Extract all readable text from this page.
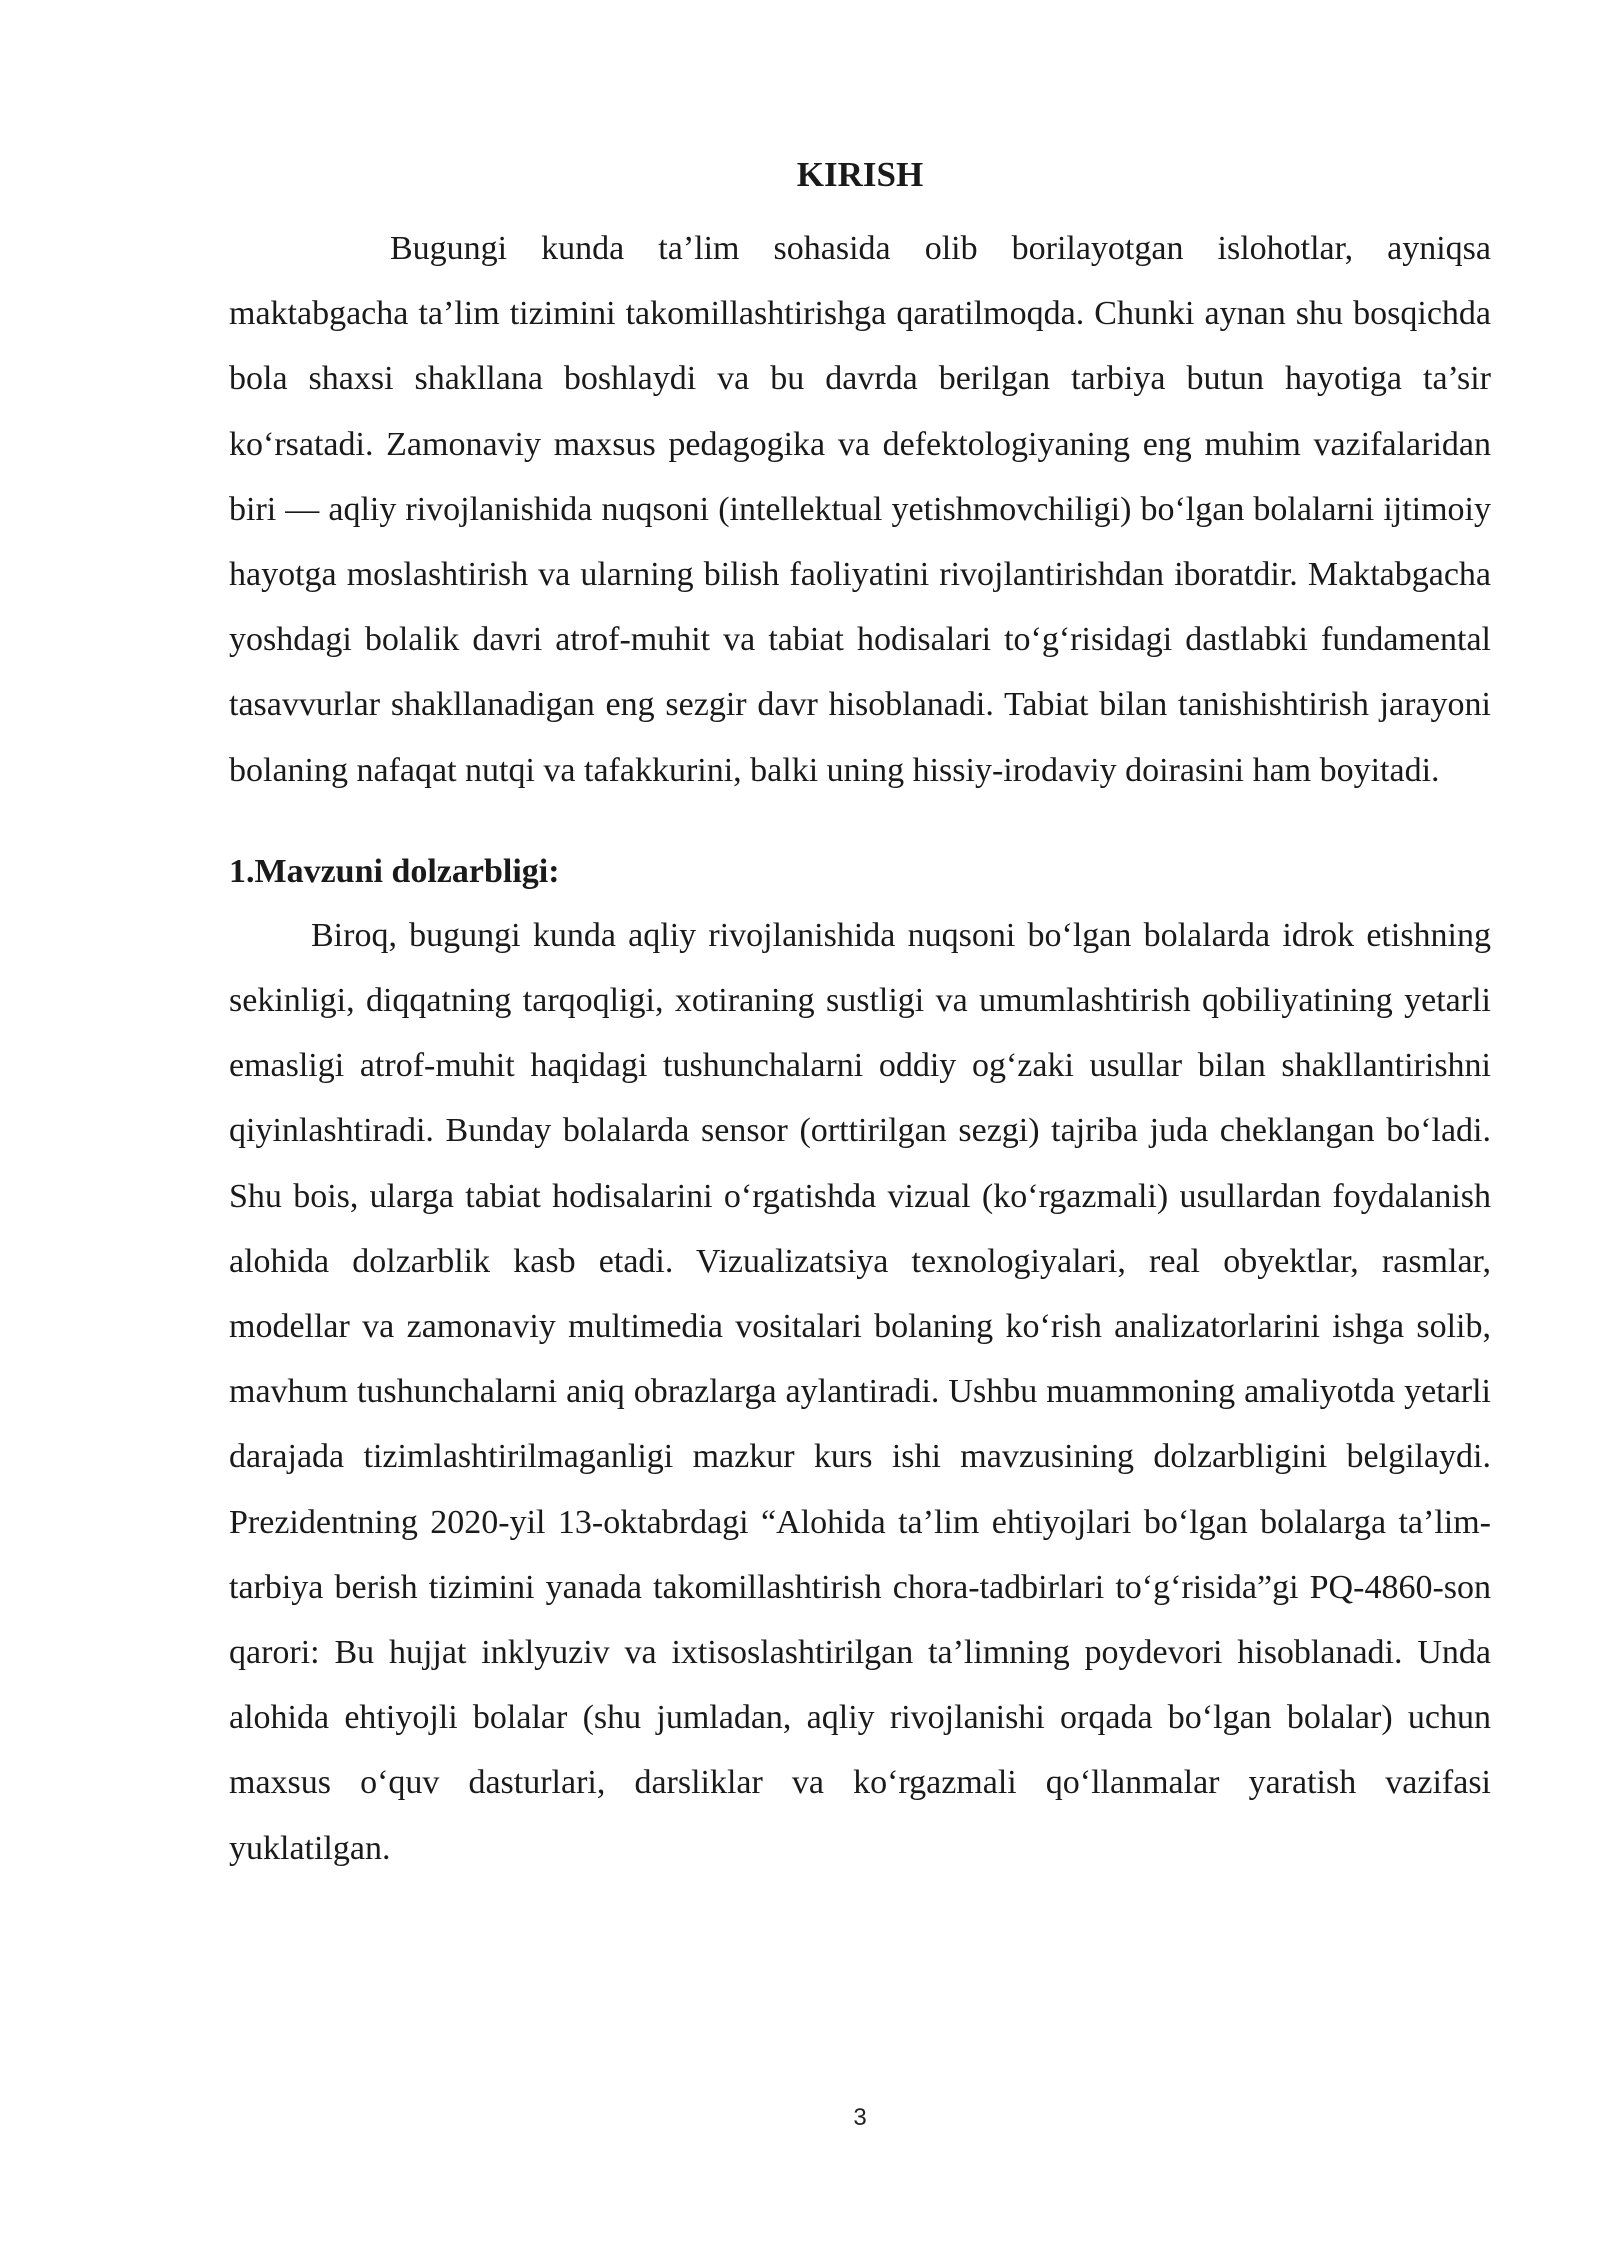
KIRISH

Bugungi kunda ta’lim sohasida olib borilayotgan islohotlar, ayniqsa maktabgacha ta’lim tizimini takomillashtirishga qaratilmoqda. Chunki aynan shu bosqichda bola shaxsi shakllana boshlaydi va bu davrda berilgan tarbiya butun hayotiga ta’sir ko‘rsatadi. Zamonaviy maxsus pedagogika va defektologiyaning eng muhim vazifalaridan biri — aqliy rivojlanishida nuqsoni (intellektual yetishmovchiligi) bo‘lgan bolalarni ijtimoiy hayotga moslashtirish va ularning bilish faoliyatini rivojlantirishdan iboratdir. Maktabgacha yoshdagi bolalik davri atrof-muhit va tabiat hodisalari to‘g‘risidagi dastlabki fundamental tasavvurlar shakllanadigan eng sezgir davr hisoblanadi. Tabiat bilan tanishishtirish jarayoni bolaning nafaqat nutqi va tafakkurini, balki uning hissiy-irodaviy doirasini ham boyitadi.

1.Mavzuni dolzarbligi:

Biroq, bugungi kunda aqliy rivojlanishida nuqsoni bo‘lgan bolalarda idrok etishning sekinligi, diqqatning tarqoqligi, xotiraning sustligi va umumlashtirish qobiliyatining yetarli emasligi atrof-muhit haqidagi tushunchalarni oddiy og‘zaki usullar bilan shakllantirishni qiyinlashtiradi. Bunday bolalarda sensor (orttirilgan sezgi) tajriba juda cheklangan bo‘ladi. Shu bois, ularga tabiat hodisalarini o‘rgatishda vizual (ko‘rgazmali) usullardan foydalanish alohida dolzarblik kasb etadi. Vizualizatsiya texnologiyalari, real obyektlar, rasmlar, modellar va zamonaviy multimedia vositalari bolaning ko‘rish analizatorlarini ishga solib, mavhum tushunchalarni aniq obrazlarga aylantiradi. Ushbu muammoning amaliyotda yetarli darajada tizimlashtirilmaganligi mazkur kurs ishi mavzusining dolzarbligini belgilaydi. Prezidentning 2020-yil 13-oktabrdagi “Alohida ta’lim ehtiyojlari bo‘lgan bolalarga ta’lim-tarbiya berish tizimini yanada takomillashtirish chora-tadbirlari to‘g‘risida”gi PQ-4860-son qarori: Bu hujjat inklyuziv va ixtisoslashtirilgan ta’limning poydevori hisoblanadi. Unda alohida ehtiyojli bolalar (shu jumladan, aqliy rivojlanishi orqada bo‘lgan bolalar) uchun maxsus o‘quv dasturlari, darsliklar va ko‘rgazmali qo‘llanmalar yaratish vazifasi yuklatilgan.

3
